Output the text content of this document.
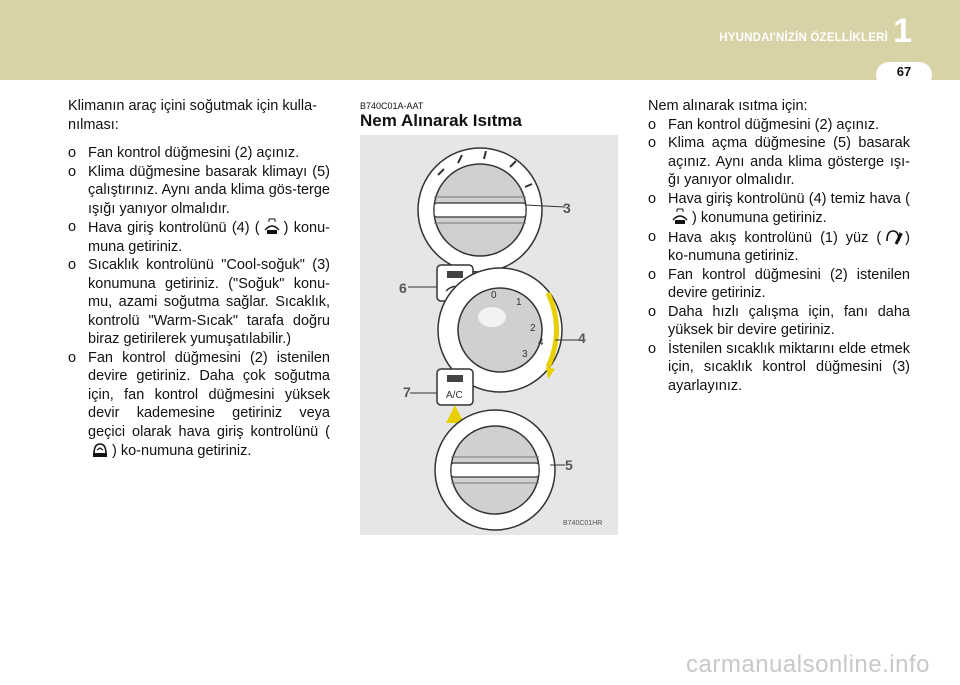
HYUNDAI'NİZİN ÖZELLİKLERİ 1
67

Klimanın araç içini soğutmak için kulla-nılması:

o Fan kontrol düğmesini (2) açınız.
o Klima düğmesine basarak klimayı (5) çalıştırınız. Aynı anda klima gös-terge ışığı yanıyor olmalıdır.
o Hava giriş kontrolünü (4) ( ) konu-muna getiriniz.
o Sıcaklık kontrolünü "Cool-soğuk" (3) konumuna getiriniz. ("Soğuk" konu-mu, azami soğutma sağlar. Sıcaklık, kontrolü "Warm-Sıcak" tarafa doğru biraz getirilerek yumuşatılabilir.)
o Fan kontrol düğmesini (2) istenilen devire getiriniz. Daha çok soğutma için, fan kontrol düğmesini yüksek devir kademesine getiriniz veya geçici olarak hava giriş kontrolünü () ko-numuna getiriniz.
B740C01A-AAT
Nem Alınarak Isıtma
0
1
2
3
4
A/C
3
6
4
7
5
B740C01HR

Nem alınarak ısıtma için:

o Fan kontrol düğmesini (2) açınız.
o Klima açma düğmesine (5) basarak açınız. Aynı anda klima gösterge ışı-ğı yanıyor olmalıdır.
o Hava giriş kontrolünü (4) temiz hava () konumuna getiriniz.
o Hava akış kontrolünü (1) yüz ( ) ko-numuna getiriniz.
o Fan kontrol düğmesini (2) istenilen devire getiriniz.
o Daha hızlı çalışma için, fanı daha yüksek bir devire getiriniz.
o İstenilen sıcaklık miktarını elde etmek için, sıcaklık kontrol düğmesini (3) ayarlayınız.
carmanualsonline.info
